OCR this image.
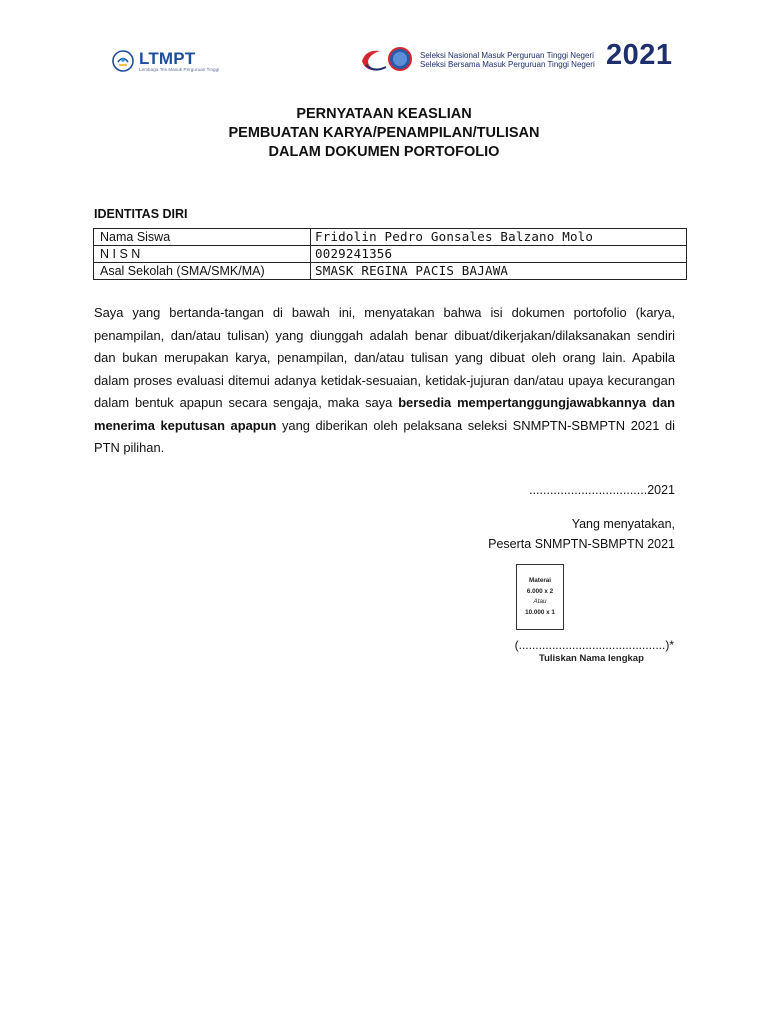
LTMPT
Lembaga Tes Masuk Perguruan Tinggi
Seleksi Nasional Masuk Perguruan Tinggi Negeri
Seleksi Bersama Masuk Perguruan Tinggi Negeri 2021
PERNYATAAN KEASLIAN
PEMBUATAN KARYA/PENAMPILAN/TULISAN
DALAM DOKUMEN PORTOFOLIO
IDENTITAS DIRI
Nama Siswa	Fridolin Pedro Gonsales Balzano Molo
N I S N	0029241356
Asal Sekolah (SMA/SMK/MA)	SMASK REGINA PACIS BAJAWA
Saya yang bertanda-tangan di bawah ini, menyatakan bahwa isi dokumen portofolio (karya, penampilan, dan/atau tulisan) yang diunggah adalah benar dibuat/dikerjakan/dilaksanakan sendiri dan bukan merupakan karya, penampilan, dan/atau tulisan yang dibuat oleh orang lain. Apabila dalam proses evaluasi ditemui adanya ketidak-sesuaian, ketidak-jujuran dan/atau upaya kecurangan dalam bentuk apapun secara sengaja, maka saya bersedia mempertanggungjawabkannya dan menerima keputusan apapun yang diberikan oleh pelaksana seleksi SNMPTN-SBMPTN 2021 di PTN pilihan.
..................................2021
Yang menyatakan,
Peserta SNMPTN-SBMPTN 2021
Materai
6.000 x 2
Atau
10.000 x 1
(............................................)*
Tuliskan Nama lengkap
